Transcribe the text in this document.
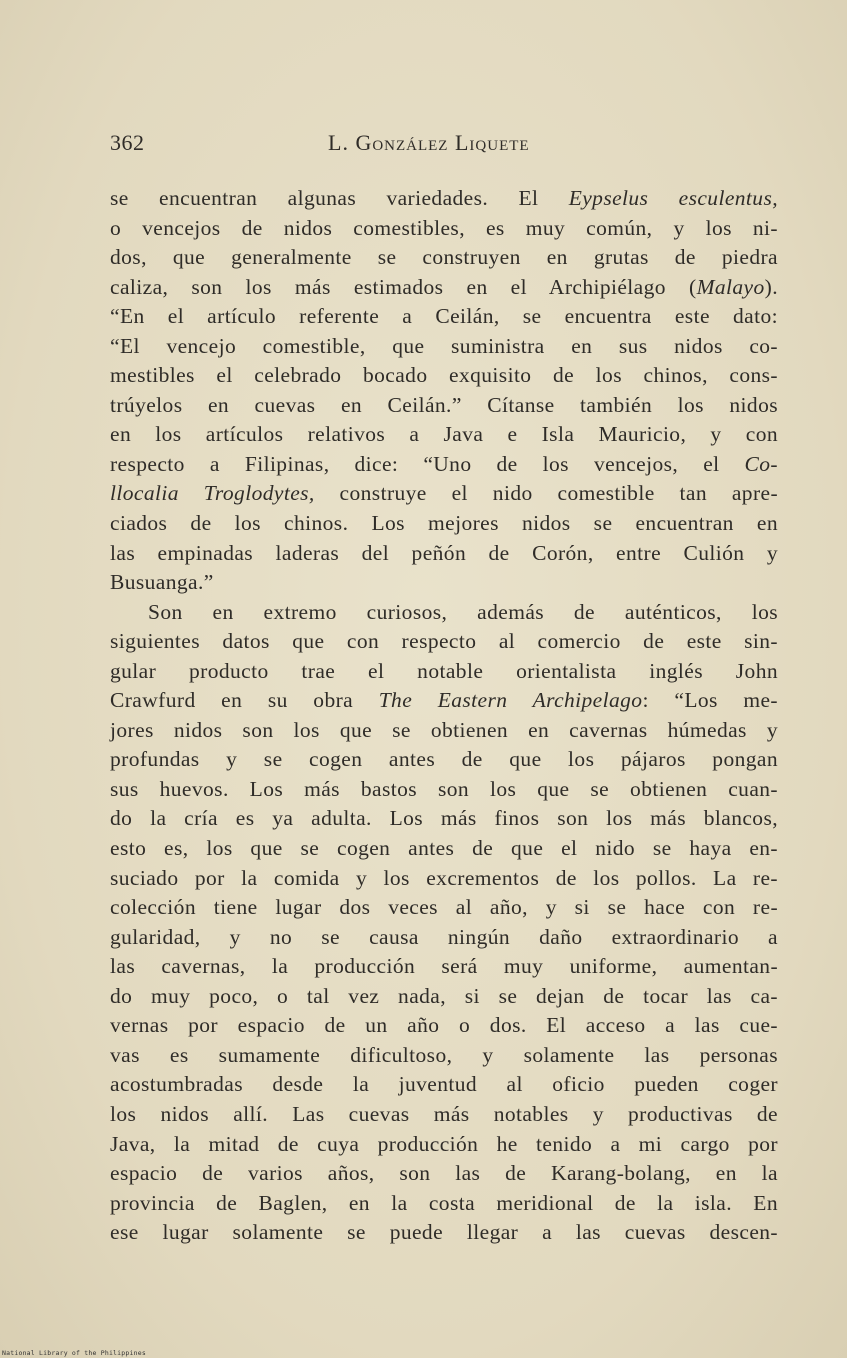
362	L. González Liquete
se encuentran algunas variedades. El Eypselus esculentus,
o vencejos de nidos comestibles, es muy común, y los ni-
dos, que generalmente se construyen en grutas de piedra
caliza, son los más estimados en el Archipiélago (Malayo).
“En el artículo referente a Ceilán, se encuentra este dato:
“El vencejo comestible, que suministra en sus nidos co-
mestibles el celebrado bocado exquisito de los chinos, cons-
trúyelos en cuevas en Ceilán.” Cítanse también los nidos
en los artículos relativos a Java e Isla Mauricio, y con
respecto a Filipinas, dice: “Uno de los vencejos, el Co-
llocalia Troglodytes, construye el nido comestible tan apre-
ciados de los chinos. Los mejores nidos se encuentran en
las empinadas laderas del peñón de Corón, entre Culión y
Busuanga.”
Son en extremo curiosos, además de auténticos, los
siguientes datos que con respecto al comercio de este sin-
gular producto trae el notable orientalista inglés John
Crawfurd en su obra The Eastern Archipelago: “Los me-
jores nidos son los que se obtienen en cavernas húmedas y
profundas y se cogen antes de que los pájaros pongan
sus huevos. Los más bastos son los que se obtienen cuan-
do la cría es ya adulta. Los más finos son los más blancos,
esto es, los que se cogen antes de que el nido se haya en-
suciado por la comida y los excrementos de los pollos. La re-
colección tiene lugar dos veces al año, y si se hace con re-
gularidad, y no se causa ningún daño extraordinario a
las cavernas, la producción será muy uniforme, aumentan-
do muy poco, o tal vez nada, si se dejan de tocar las ca-
vernas por espacio de un año o dos. El acceso a las cue-
vas es sumamente dificultoso, y solamente las personas
acostumbradas desde la juventud al oficio pueden coger
los nidos allí. Las cuevas más notables y productivas de
Java, la mitad de cuya producción he tenido a mi cargo por
espacio de varios años, son las de Karang-bolang, en la
provincia de Baglen, en la costa meridional de la isla. En
ese lugar solamente se puede llegar a las cuevas descen-
National Library of the Philippines
